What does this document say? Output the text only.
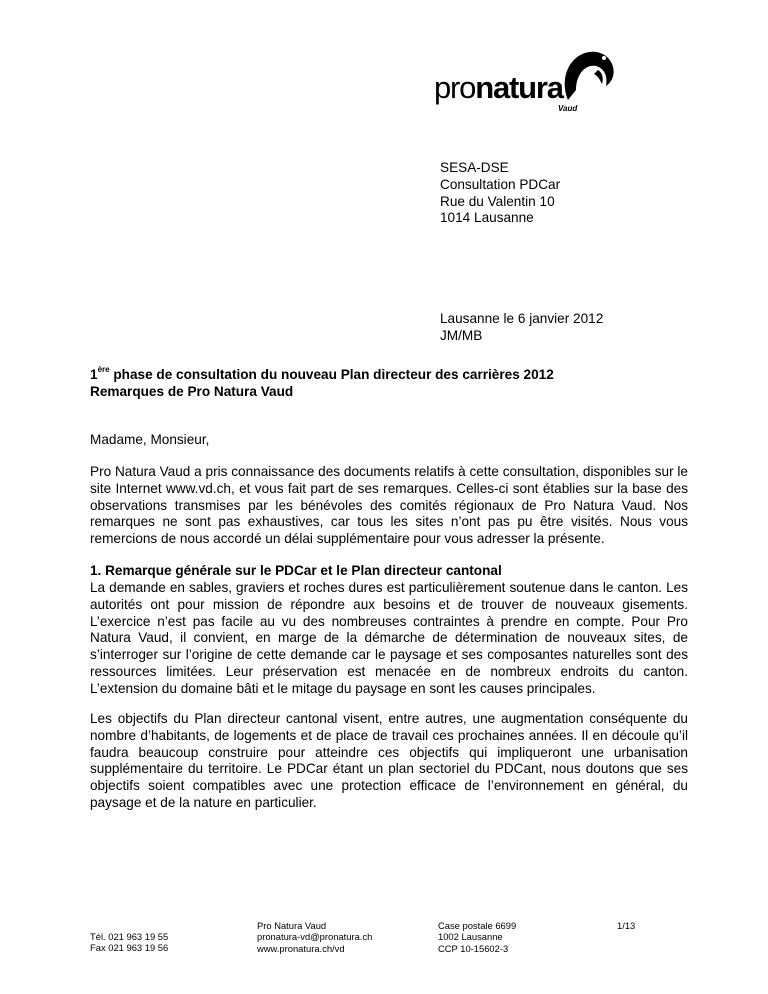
pronatura
Vaud
SESA-DSE
Consultation PDCar
Rue du Valentin 10
1014 Lausanne
Lausanne le 6 janvier 2012
JM/MB
1ère phase de consultation du nouveau Plan directeur des carrières 2012
Remarques de Pro Natura Vaud
Madame, Monsieur,
Pro Natura Vaud a pris connaissance des documents relatifs à cette consultation, disponibles sur le site Internet www.vd.ch, et vous fait part de ses remarques. Celles-ci sont établies sur la base des observations transmises par les bénévoles des comités régionaux de Pro Natura Vaud. Nos remarques ne sont pas exhaustives, car tous les sites n’ont pas pu être visités. Nous vous remercions de nous accordé un délai supplémentaire pour vous adresser la présente.
1. Remarque générale sur le PDCar et le Plan directeur cantonal
La demande en sables, graviers et roches dures est particulièrement soutenue dans le canton. Les autorités ont pour mission de répondre aux besoins et de trouver de nouveaux gisements. L’exercice n’est pas facile au vu des nombreuses contraintes à prendre en compte. Pour Pro Natura Vaud, il convient, en marge de la démarche de détermination de nouveaux sites, de s’interroger sur l’origine de cette demande car le paysage et ses composantes naturelles sont des ressources limitées. Leur préservation est menacée en de nombreux endroits du canton. L’extension du domaine bâti et le mitage du paysage en sont les causes principales.
Les objectifs du Plan directeur cantonal visent, entre autres, une augmentation conséquente du nombre d’habitants, de logements et de place de travail ces prochaines années. Il en découle qu’il faudra beaucoup construire pour atteindre ces objectifs qui impliqueront une urbanisation supplémentaire du territoire. Le PDCar étant un plan sectoriel du PDCant, nous doutons que ses objectifs soient compatibles avec une protection efficace de l’environnement en général, du paysage et de la nature en particulier.
Tél. 021 963 19 55
Fax 021 963 19 56
Pro Natura Vaud
pronatura-vd@pronatura.ch
www.pronatura.ch/vd
Case postale 6699
1002 Lausanne
CCP 10-15602-3
1/13
